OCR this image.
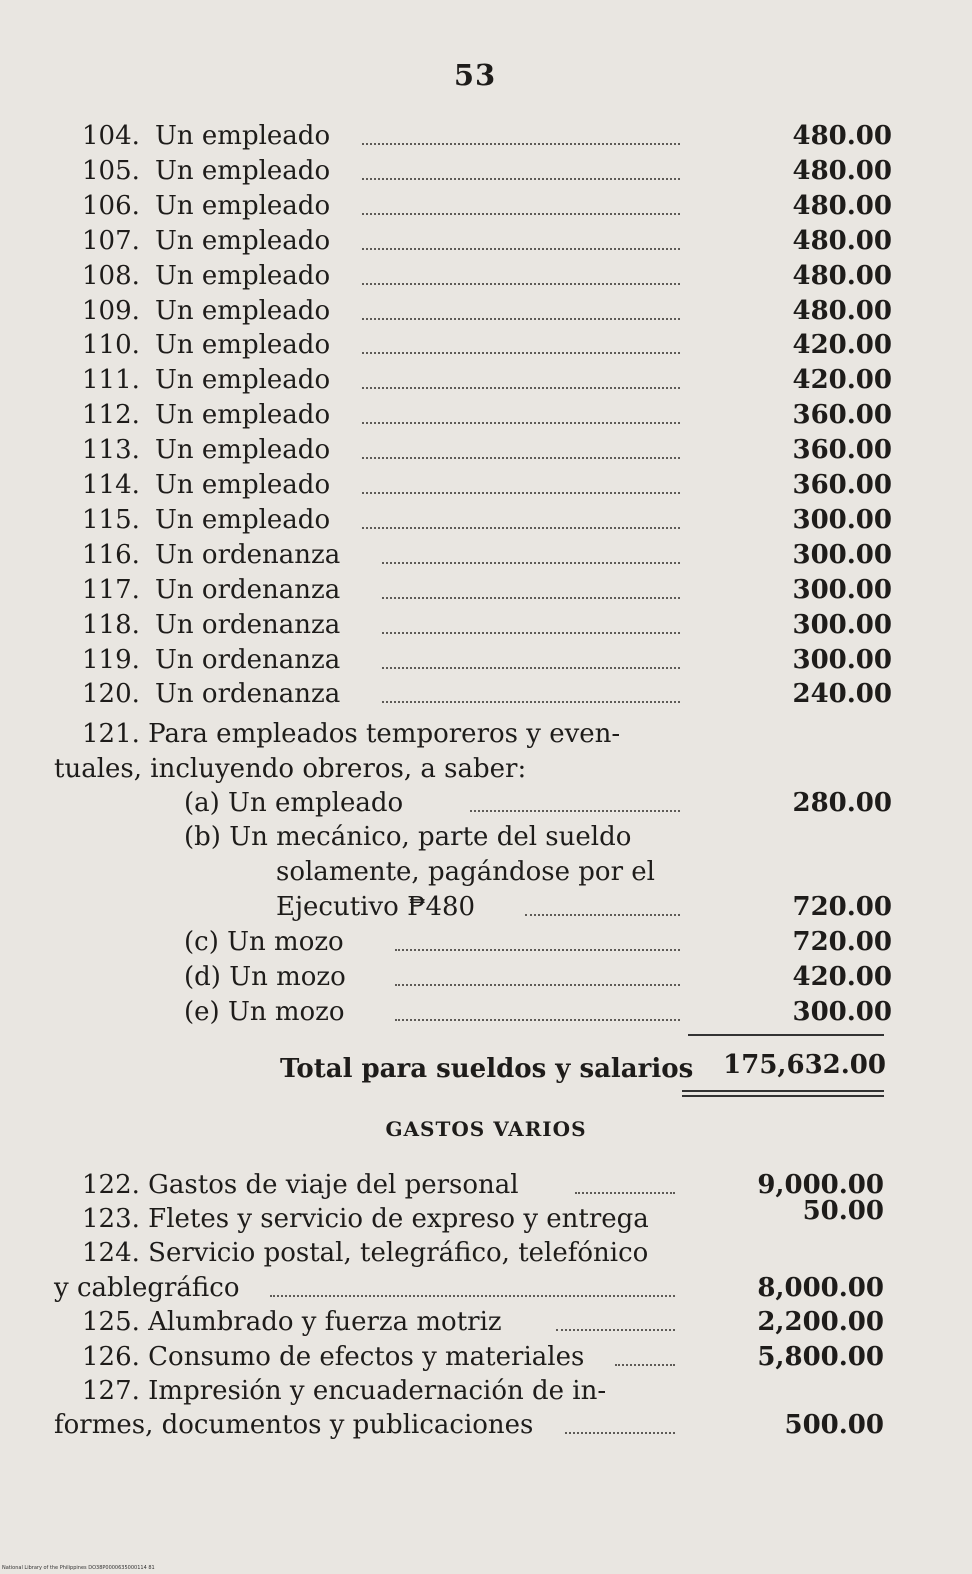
53
104. Un empleado	480.00
105. Un empleado	480.00
106. Un empleado	480.00
107. Un empleado	480.00
108. Un empleado	480.00
109. Un empleado	480.00
110. Un empleado	420.00
111. Un empleado	420.00
112. Un empleado	360.00
113. Un empleado	360.00
114. Un empleado	360.00
115. Un empleado	300.00
116. Un ordenanza	300.00
117. Un ordenanza	300.00
118. Un ordenanza	300.00
119. Un ordenanza	300.00
120. Un ordenanza	240.00
121. Para empleados temporeros y even-
tuales, incluyendo obreros, a saber:
(a) Un empleado	280.00
(b) Un mecánico, parte del sueldo
solamente, pagándose por el
Ejecutivo ₱480	720.00
(c) Un mozo	720.00
(d) Un mozo	420.00
(e) Un mozo	300.00
Total para sueldos y salarios 175,632.00
GASTOS VARIOS
122. Gastos de viaje del personal	9,000.00
123. Fletes y servicio de expreso y entrega	50.00
124. Servicio postal, telegráfico, telefónico
y cablegráfico	8,000.00
125. Alumbrado y fuerza motriz	2,200.00
126. Consumo de efectos y materiales	5,800.00
127. Impresión y encuadernación de in-
formes, documentos y publicaciones	500.00
National Library of the Philippines DO38P0000635000114 81
